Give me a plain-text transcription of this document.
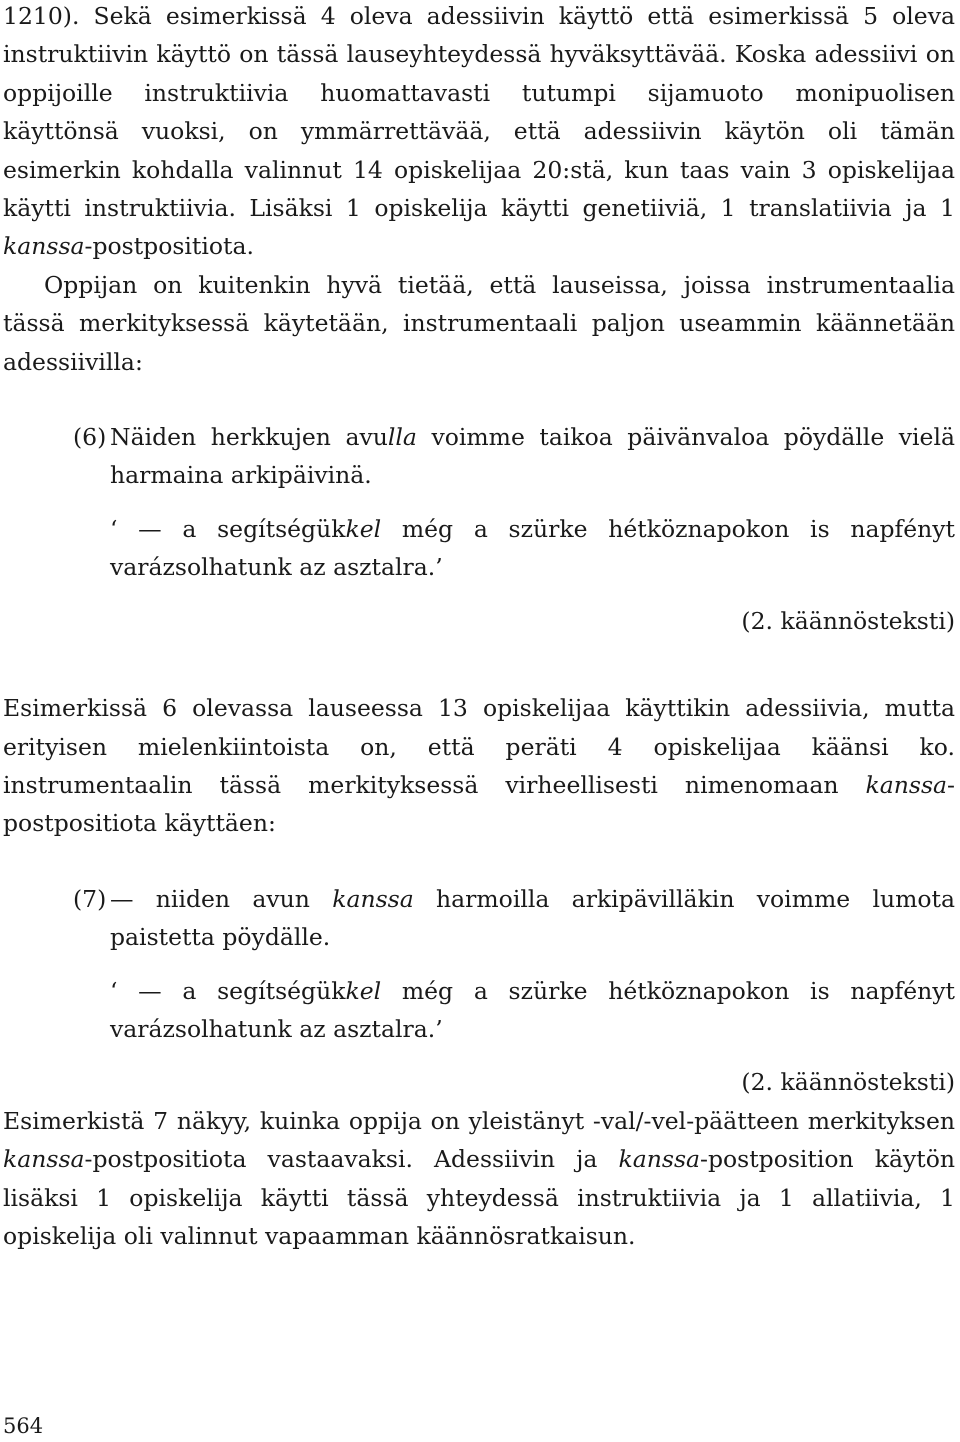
1210). Sekä esimerkissä 4 oleva adessiivin käyttö että esimerkissä 5 oleva instruktiivin käyttö on tässä lauseyhteydessä hyväksyttävää. Koska adessiivi on oppijoille instruktiivia huomattavasti tutumpi sijamuoto monipuolisen käyttönsä vuoksi, on ymmärrettävää, että adessiivin käytön oli tämän esimerkin kohdalla valinnut 14 opiskelijaa 20:stä, kun taas vain 3 opiskelijaa käytti instruktiivia. Lisäksi 1 opiskelija käytti genetiiviä, 1 translatiivia ja 1 kanssa-postpositiota.

Oppijan on kuitenkin hyvä tietää, että lauseissa, joissa instrumentaalia tässä merkityksessä käytetään, instrumentaali paljon useammin käännetään adessiivilla:

(6) Näiden herkkujen avulla voimme taikoa päivänvaloa pöydälle vielä harmaina arkipäivinä.
‘ — a segítségükkel még a szürke hétköznapokon is napfényt varázsolhatunk az asztalra.’
(2. käännösteksti)

Esimerkissä 6 olevassa lauseessa 13 opiskelijaa käyttikin adessiivia, mutta erityisen mielenkiintoista on, että peräti 4 opiskelijaa käänsi ko. instrumentaalin tässä merkityksessä virheellisesti nimenomaan kanssa-postpositiota käyttäen:

(7) — niiden avun kanssa harmoilla arkipävilläkin voimme lumota paistetta pöydälle.
‘ — a segítségükkel még a szürke hétköznapokon is napfényt varázsolhatunk az asztalra.’
(2. käännösteksti)

Esimerkistä 7 näkyy, kuinka oppija on yleistänyt -val/-vel-päätteen merkityksen kanssa-postpositiota vastaavaksi. Adessiivin ja kanssa-postposition käytön lisäksi 1 opiskelija käytti tässä yhteydessä instruktiivia ja 1 allatiivia, 1 opiskelija oli valinnut vapaamman käännösratkaisun.

564
